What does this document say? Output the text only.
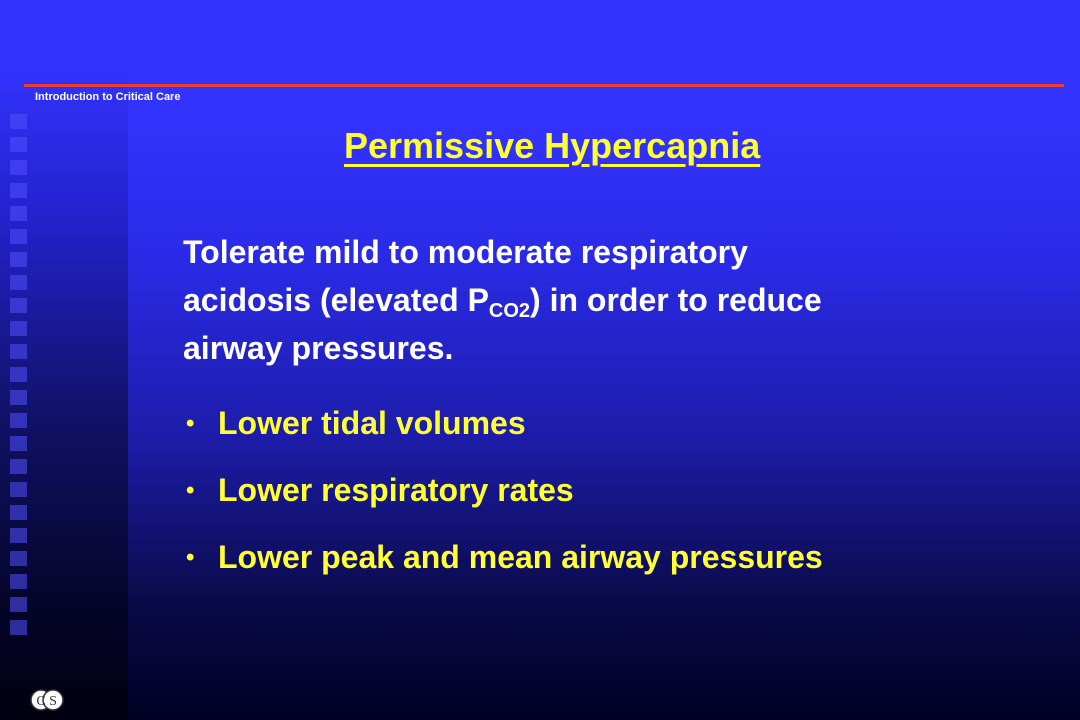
Introduction to Critical Care
Permissive Hypercapnia
Tolerate mild to moderate respiratory
acidosis (elevated $P_{CO2}$) in order to reduce
airway pressures.
• Lower tidal volumes
• Lower respiratory rates
• Lower peak and mean airway pressures
C S
